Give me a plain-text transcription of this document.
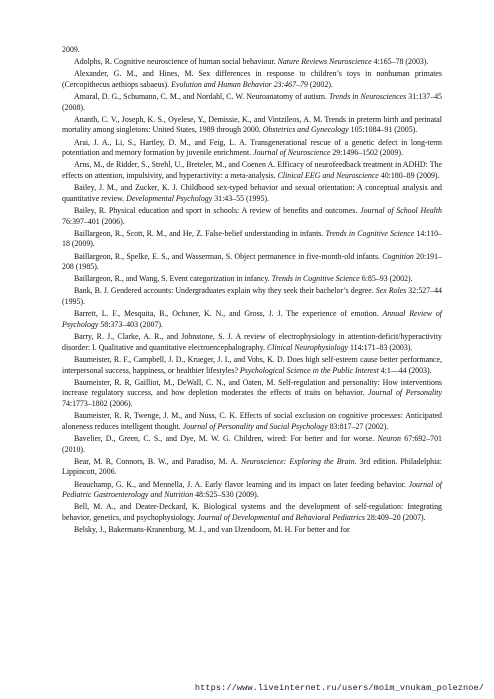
2009.

Adolphs, R. Cognitive neuroscience of human social behaviour. Nature Reviews Neuroscience 4:165–78 (2003).

Alexander, G. M., and Hines, M. Sex differences in response to children’s toys in nonhuman primates (Cercopithecus aethiops sabaeus). Evolution and Human Behavior 23:467–79 (2002).

Amaral, D. G., Schumann, C. M., and Nordahl, C. W. Neuroanatomy of autism. Trends in Neurosciences 31:137–45 (2008).

Ananth, C. V., Joseph, K. S., Oyelese, Y., Demissie, K., and Vintzileos, A. M. Trends in preterm birth and perinatal mortality among singletons: United States, 1989 through 2000. Obstetrics and Gynecology 105:1084–91 (2005).

Arai, J. A., Li, S., Hartley, D. M., and Feig, L. A. Transgenerational rescue of a genetic defect in long-term potentiation and memory formation by juvenile enrichment. Journal of Neuroscience 29:1496–1502 (2009).

Arns, M., de Ridder, S., Strehl, U., Breteler, M., and Coenen A. Efficacy of neurofeedback treatment in ADHD: The effects on attention, impulsivity, and hyperactivity: a meta-analysis. Clinical EEG and Neuroscience 40:180–89 (2009).

Bailey, J. M., and Zucker, K. J. Childhood sex-typed behavior and sexual orientation: A conceptual analysis and quantitative review. Developmental Psychology 31:43–55 (1995).

Bailey, R. Physical education and sport in schools: A review of benefits and outcomes. Journal of School Health 76:397–401 (2006).

Baillargeon, R., Scott, R. M., and He, Z. False-belief understanding in infants. Trends in Cognitive Science 14:110–18 (2009).

Baillargeon, R., Spelke, E. S., and Wasserman, S. Object permanence in five-month-old infants. Cognition 20:191–208 (1985).

Baillargeon, R., and Wang, S. Event categorization in infancy. Trends in Cognitive Science 6:85–93 (2002).

Bank, B. J. Gendered accounts: Undergraduates explain why they seek their bachelor’s degree. Sex Roles 32:527–44 (1995).

Barrett, L. F., Mesquita, B., Ochsner, K. N., and Gross, J. J. The experience of emotion. Annual Review of Psychology 58:373–403 (2007).

Barry, R. J., Clarke, A. R., and Johnstone, S. J. A review of electrophysiology in attention-deficit/hyperactivity disorder: I. Qualitative and quantitative electroencephalography. Clinical Neurophysiology 114:171–83 (2003).

Baumeister, R. F., Campbell, J. D., Krueger, J. I., and Vohs, K. D. Does high self-esteem cause better performance, interpersonal success, happiness, or healthier lifestyles? Psychological Science in the Public Interest 4:1—44 (2003).

Baumeister, R. R, Gailliot, M., DeWall, C. N., and Oaten, M. Self-regulation and personality: How interventions increase regulatory success, and how depletion moderates the effects of traits on behavior. Journal of Personality 74:1773–1802 (2006).

Baumeister, R. R, Twenge, J. M., and Nuss, C. K. Effects of social exclusion on cognitive processes: Anticipated aloneness reduces intelligent thought. Journal of Personality and Social Psychology 83:817–27 (2002).

Bavelier, D., Green, C. S., and Dye, M. W. G. Children, wired: For better and for worse. Neuron 67:692–701 (2010).

Bear, M. R, Connors, B. W., and Paradiso, M. A. Neuroscience: Exploring the Brain. 3rd edition. Philadelphia: Lippincott, 2006.

Beauchamp, G. K., and Mennella, J. A. Early flavor learning and its impact on later feeding behavior. Journal of Pediatric Gastroenterology and Nutrition 48:S25–S30 (2009).

Bell, M. A., and Deater-Deckard, K. Biological systems and the development of self-regulation: Integrating behavior, genetics, and psychophysiology. Journal of Developmental and Behavioral Pediatrics 28:409–20 (2007).

Belsky, J., Bakermans-Kranenburg, M. J., and van IJzendoorn, M. H. For better and for

https://www.liveinternet.ru/users/moim_vnukam_poleznoe/
